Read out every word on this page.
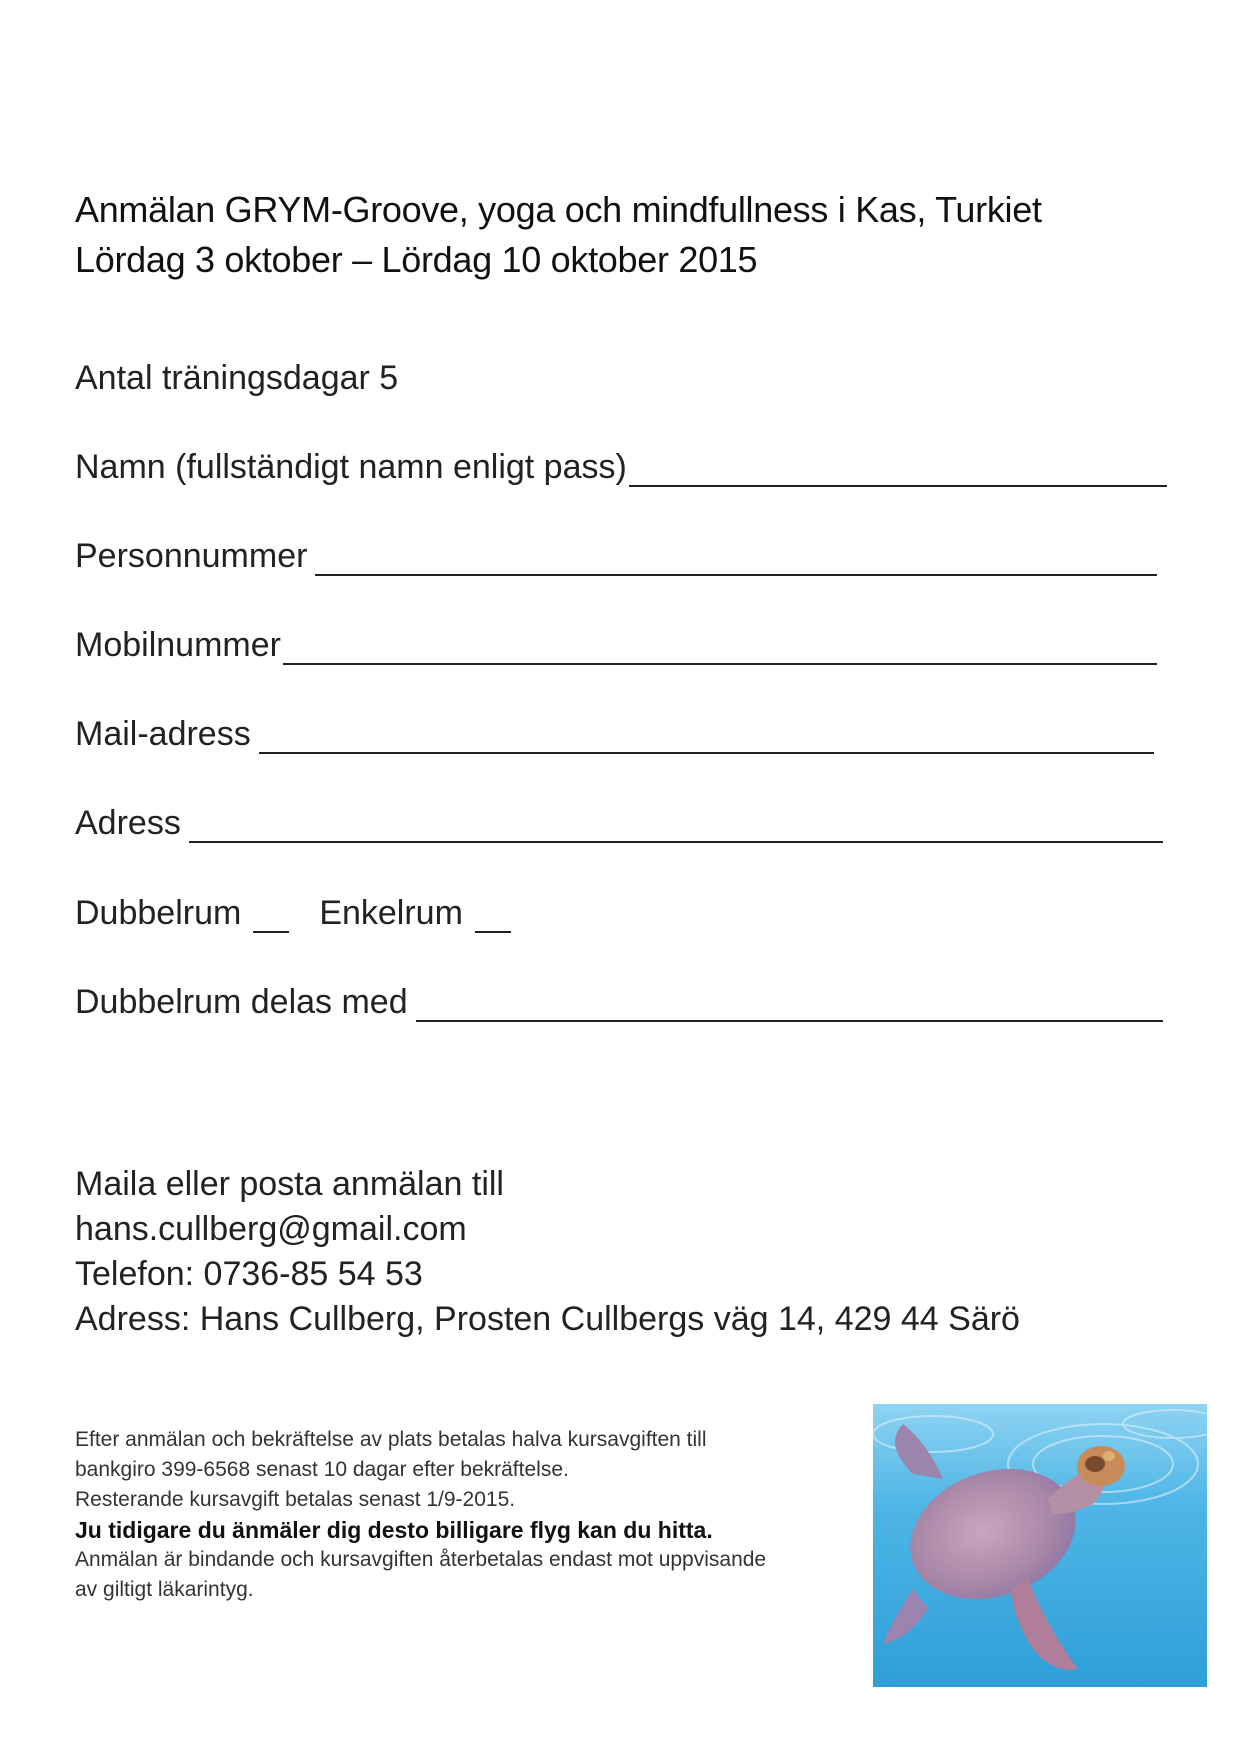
Anmälan GRYM-Groove, yoga och mindfullness i Kas, Turkiet
Lördag 3 oktober – Lördag 10 oktober 2015
Antal träningsdagar 5
Namn (fullständigt namn enligt pass)
Personnummer
Mobilnummer
Mail-adress
Adress
Dubbelrum Enkelrum
Dubbelrum delas med
Maila eller posta anmälan till
hans.cullberg@gmail.com
Telefon: 0736-85 54 53
Adress: Hans Cullberg, Prosten Cullbergs väg 14, 429 44 Särö
Efter anmälan och bekräftelse av plats betalas halva kursavgiften till
bankgiro 399-6568 senast 10 dagar efter bekräftelse.
Resterande kursavgift betalas senast 1/9-2015.
Ju tidigare du änmäler dig desto billigare flyg kan du hitta.
Anmälan är bindande och kursavgiften återbetalas endast mot uppvisande
av giltigt läkarintyg.
